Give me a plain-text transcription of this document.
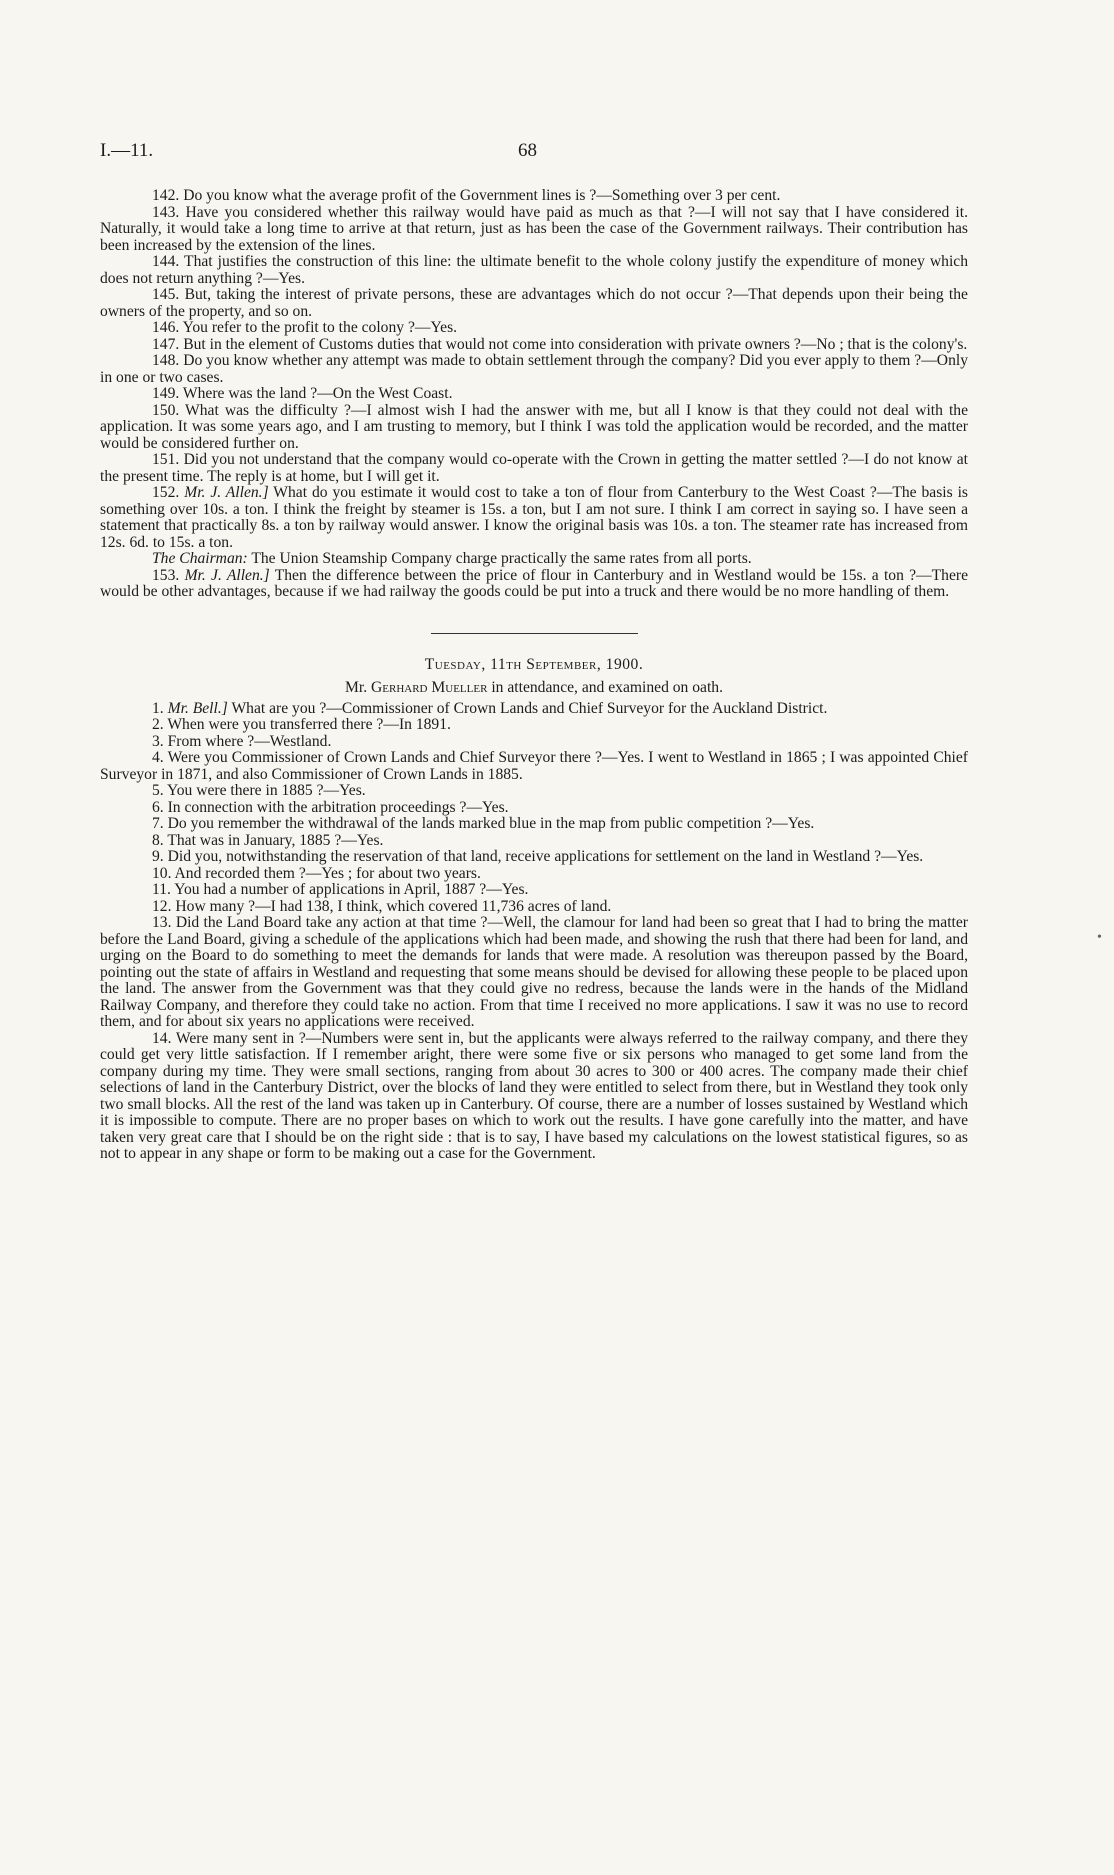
I.—11.	68

142. Do you know what the average profit of the Government lines is ?—Something over 3 per cent.

143. Have you considered whether this railway would have paid as much as that ?—I will not say that I have considered it. Naturally, it would take a long time to arrive at that return, just as has been the case of the Government railways. Their contribution has been increased by the extension of the lines.

144. That justifies the construction of this line: the ultimate benefit to the whole colony justify the expenditure of money which does not return anything ?—Yes.

145. But, taking the interest of private persons, these are advantages which do not occur ?—That depends upon their being the owners of the property, and so on.

146. You refer to the profit to the colony ?—Yes.

147. But in the element of Customs duties that would not come into consideration with private owners ?—No ; that is the colony's.

148. Do you know whether any attempt was made to obtain settlement through the company? Did you ever apply to them ?—Only in one or two cases.

149. Where was the land ?—On the West Coast.

150. What was the difficulty ?—I almost wish I had the answer with me, but all I know is that they could not deal with the application. It was some years ago, and I am trusting to memory, but I think I was told the application would be recorded, and the matter would be considered further on.

151. Did you not understand that the company would co-operate with the Crown in getting the matter settled ?—I do not know at the present time. The reply is at home, but I will get it.

152. Mr. J. Allen.] What do you estimate it would cost to take a ton of flour from Canterbury to the West Coast ?—The basis is something over 10s. a ton. I think the freight by steamer is 15s. a ton, but I am not sure. I think I am correct in saying so. I have seen a statement that practically 8s. a ton by railway would answer. I know the original basis was 10s. a ton. The steamer rate has increased from 12s. 6d. to 15s. a ton.

The Chairman: The Union Steamship Company charge practically the same rates from all ports.

153. Mr. J. Allen.] Then the difference between the price of flour in Canterbury and in Westland would be 15s. a ton ?—There would be other advantages, because if we had railway the goods could be put into a truck and there would be no more handling of them.

Tuesday, 11th September, 1900.

Mr. Gerhard Mueller in attendance, and examined on oath.

1. Mr. Bell.] What are you ?—Commissioner of Crown Lands and Chief Surveyor for the Auckland District.

2. When were you transferred there ?—In 1891.

3. From where ?—Westland.

4. Were you Commissioner of Crown Lands and Chief Surveyor there ?—Yes. I went to Westland in 1865 ; I was appointed Chief Surveyor in 1871, and also Commissioner of Crown Lands in 1885.

5. You were there in 1885 ?—Yes.

6. In connection with the arbitration proceedings ?—Yes.

7. Do you remember the withdrawal of the lands marked blue in the map from public competition ?—Yes.

8. That was in January, 1885 ?—Yes.

9. Did you, notwithstanding the reservation of that land, receive applications for settlement on the land in Westland ?—Yes.

10. And recorded them ?—Yes ; for about two years.

11. You had a number of applications in April, 1887 ?—Yes.

12. How many ?—I had 138, I think, which covered 11,736 acres of land.

13. Did the Land Board take any action at that time ?—Well, the clamour for land had been so great that I had to bring the matter before the Land Board, giving a schedule of the applications which had been made, and showing the rush that there had been for land, and urging on the Board to do something to meet the demands for lands that were made. A resolution was thereupon passed by the Board, pointing out the state of affairs in Westland and requesting that some means should be devised for allowing these people to be placed upon the land. The answer from the Government was that they could give no redress, because the lands were in the hands of the Midland Railway Company, and therefore they could take no action. From that time I received no more applications. I saw it was no use to record them, and for about six years no applications were received.

14. Were many sent in ?—Numbers were sent in, but the applicants were always referred to the railway company, and there they could get very little satisfaction. If I remember aright, there were some five or six persons who managed to get some land from the company during my time. They were small sections, ranging from about 30 acres to 300 or 400 acres. The company made their chief selections of land in the Canterbury District, over the blocks of land they were entitled to select from there, but in Westland they took only two small blocks. All the rest of the land was taken up in Canterbury. Of course, there are a number of losses sustained by Westland which it is impossible to compute. There are no proper bases on which to work out the results. I have gone carefully into the matter, and have taken very great care that I should be on the right side : that is to say, I have based my calculations on the lowest statistical figures, so as not to appear in any shape or form to be making out a case for the Government.

•
